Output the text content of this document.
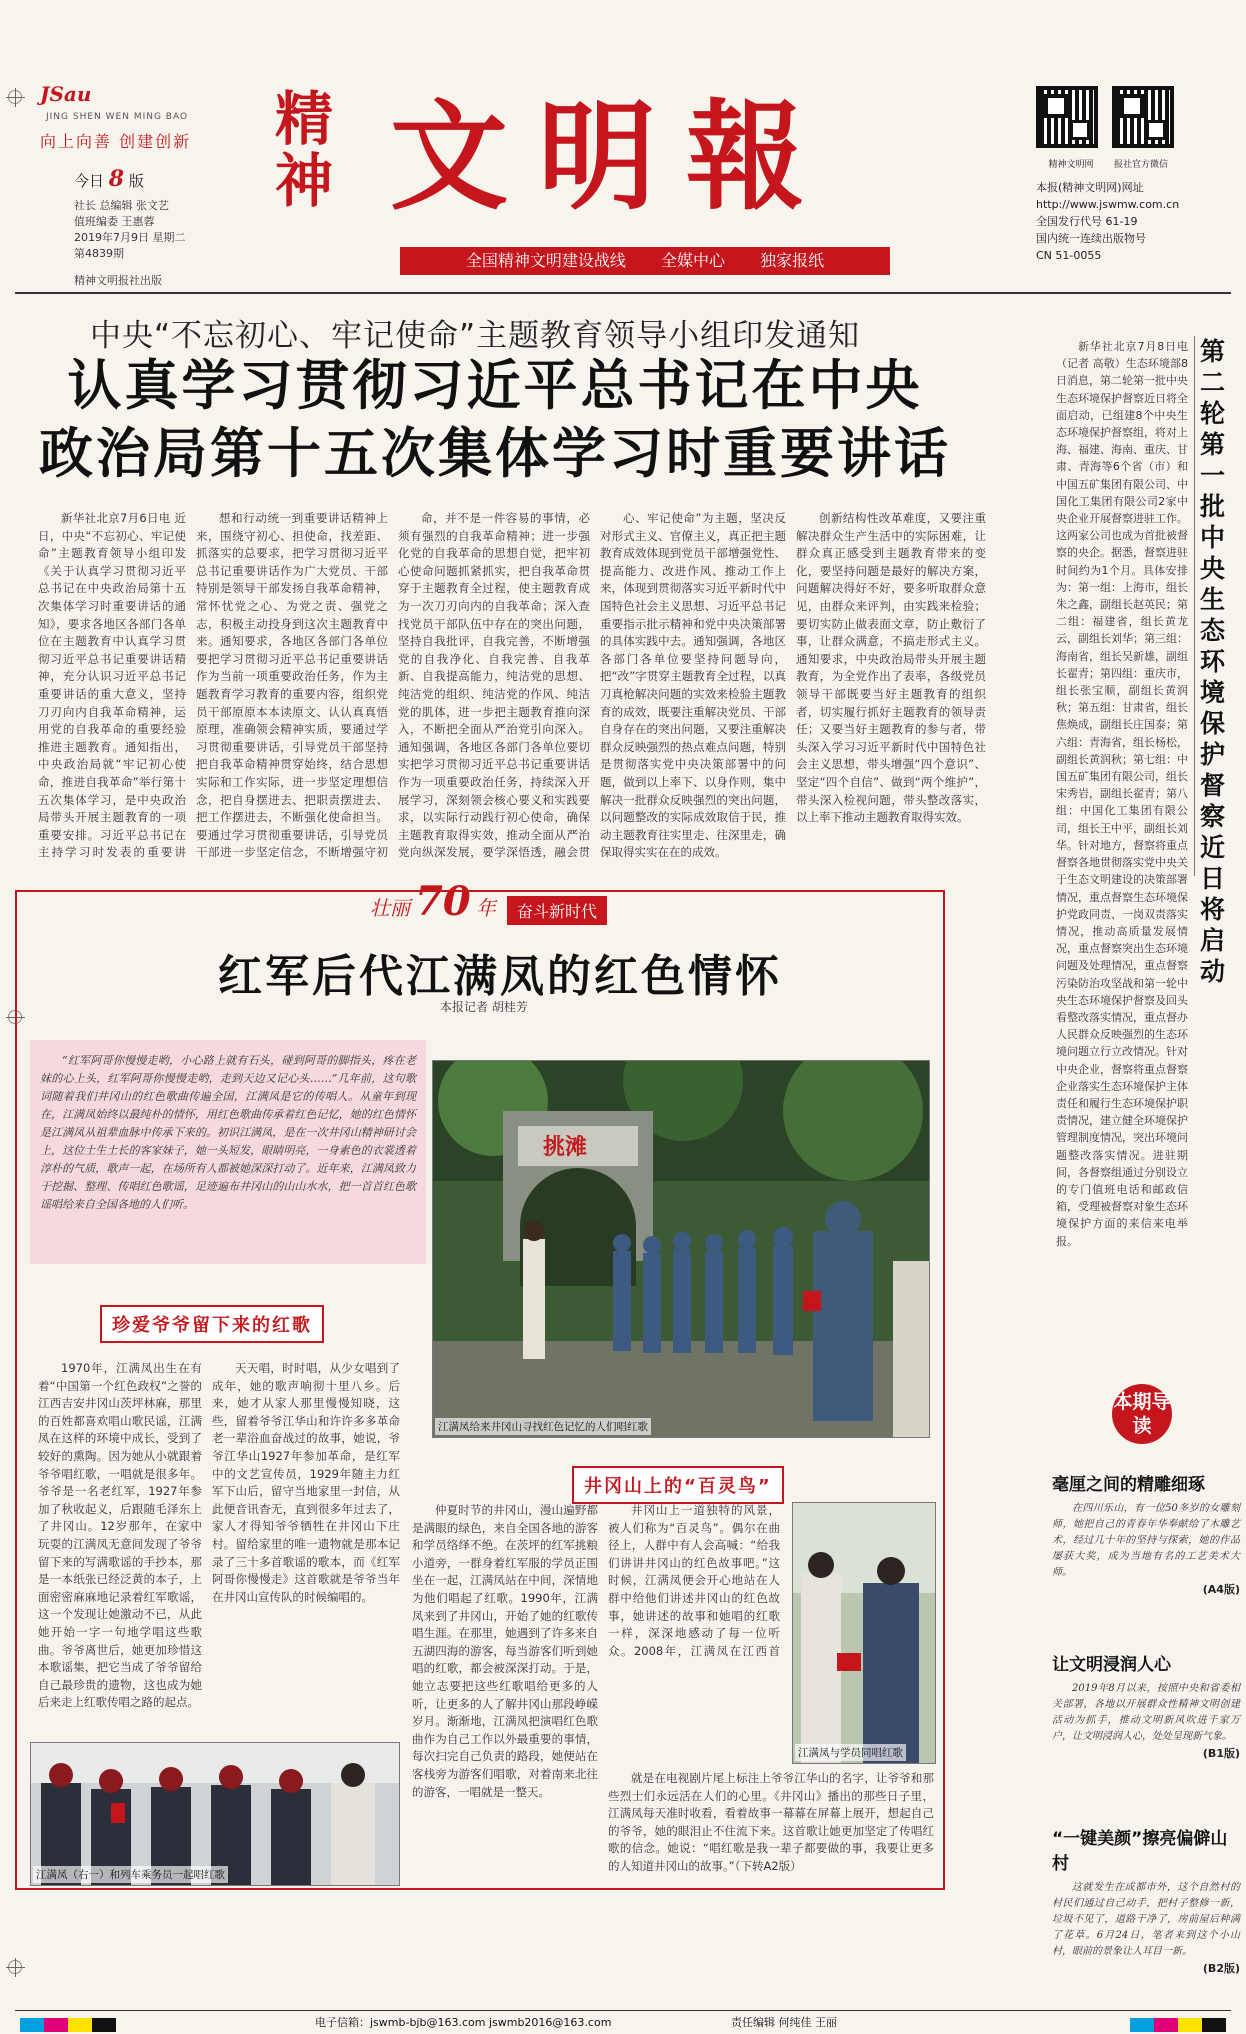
JSau JING SHEN WEN MING BAO
向上向善 创建创新
今日 8 版
社长 总编辑 张文艺
值班编委 王惠蓉
2019年7月9日 星期二
第4839期
精神文明报社出版
精神 文明報
全国精神文明建设战线 全媒中心 独家报纸
精神文明网 报社官方微信
本报(精神文明网)网址
http://www.jswmw.com.cn
全国发行代号 61-19
国内统一连续出版物号
CN 51-0055
中央“不忘初心、牢记使命”主题教育领导小组印发通知
认真学习贯彻习近平总书记在中央
政治局第十五次集体学习时重要讲话

新华社北京7月6日电 近日，中央“不忘初心、牢记使命”主题教育领导小组印发《关于认真学习贯彻习近平总书记在中央政治局第十五次集体学习时重要讲话的通知》，要求各地区各部门各单位在主题教育中认真学习贯彻习近平总书记重要讲话精神，充分认识习近平总书记重要讲话的重大意义，坚持刀刃向内自我革命精神，运用党的自我革命的重要经验推进主题教育。通知指出，中央政治局就“牢记初心使命，推进自我革命”举行第十五次集体学习，是中央政治局带头开展主题教育的一项重要安排。习近平总书记在主持学习时发表的重要讲

想和行动统一到重要讲话精神上来，围绕守初心、担使命，找差距、抓落实的总要求，把学习贯彻习近平总书记重要讲话作为广大党员、干部特别是领导干部发扬自我革命精神，常怀忧党之心、为党之责、强党之志，积极主动投身到这次主题教育中来。通知要求，各地区各部门各单位要把学习贯彻习近平总书记重要讲话作为当前一项重要政治任务，作为主题教育学习教育的重要内容，组织党员干部原原本本读原文、认认真真悟原理，准确领会精神实质，要通过学习贯彻重要讲话，引导党员干部坚持把自我革命精神贯穿始终，结合思想实际和工作实际，进一步坚定理想信念，把自身摆进去、把职责摆进去、把工作摆进去，不断强化使命担当。要通过学习贯彻重要讲话，引导党员干部进一步坚定信念，不断增强守初

命，并不是一件容易的事情，必须有强烈的自我革命精神；进一步强化党的自我革命的思想自觉，把牢初心使命问题抓紧抓实，把自我革命贯穿于主题教育全过程，使主题教育成为一次刀刃向内的自我革命；深入查找党员干部队伍中存在的突出问题，坚持自我批评，自我完善，不断增强党的自我净化、自我完善、自我革新、自我提高能力，纯洁党的思想、纯洁党的组织、纯洁党的作风、纯洁党的肌体，进一步把主题教育推向深入，不断把全面从严治党引向深入。通知强调，各地区各部门各单位要切实把学习贯彻习近平总书记重要讲话作为一项重要政治任务，持续深入开展学习，深刻领会核心要义和实践要求，以实际行动践行初心使命，确保主题教育取得实效，推动全面从严治党向纵深发展，要学深悟透，融会贯

心、牢记使命”为主题，坚决反对形式主义、官僚主义，真正把主题教育成效体现到党员干部增强党性、提高能力、改进作风、推动工作上来，体现到贯彻落实习近平新时代中国特色社会主义思想、习近平总书记重要指示批示精神和党中央决策部署的具体实践中去。通知强调，各地区各部门各单位要坚持问题导向，把“改”字贯穿主题教育全过程，以真刀真枪解决问题的实效来检验主题教育的成效，既要注重解决党员、干部自身存在的突出问题，又要注重解决群众反映强烈的热点难点问题，特别是贯彻落实党中央决策部署中的问题，做到以上率下、以身作则，集中解决一批群众反映强烈的突出问题，以问题整改的实际成效取信于民，推动主题教育往实里走、往深里走，确保取得实实在在的成效。

创新结构性改革难度，又要注重解决群众生产生活中的实际困难，让群众真正感受到主题教育带来的变化，要坚持问题是最好的解决方案，问题解决得好不好，要多听取群众意见，由群众来评判，由实践来检验；要切实防止做表面文章，防止敷衍了事，让群众满意，不搞走形式主义。通知要求，中央政治局带头开展主题教育，为全党作出了表率，各级党员领导干部既要当好主题教育的组织者，切实履行抓好主题教育的领导责任；又要当好主题教育的参与者，带头深入学习习近平新时代中国特色社会主义思想，带头增强“四个意识”、坚定“四个自信”、做到“两个维护”，带头深入检视问题，带头整改落实，以上率下推动主题教育取得实效。

第二轮第一批中央生态环境保护督察近日将启动

新华社北京7月8日电（记者 高敬）生态环境部8日消息，第二轮第一批中央生态环境保护督察近日将全面启动，已组建8个中央生态环境保护督察组，将对上海、福建、海南、重庆、甘肃、青海等6个省（市）和中国五矿集团有限公司、中国化工集团有限公司2家中央企业开展督察进驻工作。这两家公司也成为首批被督察的央企。据悉，督察进驻时间约为1个月。具体安排为：第一组：上海市，组长朱之鑫，副组长赵英民；第二组：福建省，组长黄龙云，副组长刘华；第三组：海南省，组长吴新雄，副组长翟青；第四组：重庆市，组长张宝顺，副组长黄润秋；第五组：甘肃省，组长焦焕成，副组长庄国泰；第六组：青海省，组长杨松，副组长黄润秋；第七组：中国五矿集团有限公司，组长宋秀岩，副组长翟青；第八组：中国化工集团有限公司，组长王中平，副组长刘华。针对地方，督察将重点督察各地贯彻落实党中央关于生态文明建设的决策部署情况，重点督察生态环境保护党政同责、一岗双责落实情况，推动高质量发展情况，重点督察突出生态环境问题及处理情况，重点督察污染防治攻坚战和第一轮中央生态环境保护督察及回头看整改落实情况，重点督办人民群众反映强烈的生态环境问题立行立改情况。针对中央企业，督察将重点督察企业落实生态环境保护主体责任和履行生态环境保护职责情况，建立健全环境保护管理制度情况，突出环境问题整改落实情况。进驻期间，各督察组通过分别设立的专门值班电话和邮政信箱，受理被督察对象生态环境保护方面的来信来电举报。

壮丽 70 年 奋斗新时代
红军后代江满凤的红色情怀
本报记者 胡桂芳

“红军阿哥你慢慢走哟，小心路上就有石头，碰到阿哥的脚指头，疼在老妹的心上头，红军阿哥你慢慢走哟，走到天边又记心头……”几年前，这句歌词随着我们井冈山的红色歌曲传遍全国，江满凤是它的传唱人。从童年到现在，江满凤始终以最纯朴的情怀，用红色歌曲传承着红色记忆，她的红色情怀是江满凤从祖辈血脉中传承下来的。初识江满凤，是在一次井冈山精神研讨会上，这位土生土长的客家妹子，她一头短发，眼睛明亮，一身素色的衣裳透着淳朴的气质，歌声一起，在场所有人都被她深深打动了。近年来，江满凤致力于挖掘、整理、传唱红色歌谣，足迹遍布井冈山的山山水水，把一首首红色歌谣唱给来自全国各地的人们听。

挑滩
江满凤给来井冈山寻找红色记忆的人们唱红歌
珍爱爷爷留下来的红歌
井冈山上的“百灵鸟”

1970年，江满凤出生在有着“中国第一个红色政权”之誉的江西吉安井冈山茨坪林麻，那里的百姓都喜欢唱山歌民谣，江满凤在这样的环境中成长，受到了较好的熏陶。因为她从小就跟着爷爷唱红歌，一唱就是很多年。爷爷是一名老红军，1927年参加了秋收起义，后跟随毛泽东上了井冈山。12岁那年，在家中玩耍的江满凤无意间发现了爷爷留下来的写满歌谣的手抄本，那是一本纸张已经泛黄的本子，上面密密麻麻地记录着红军歌谣，这一个发现让她激动不已，从此她开始一字一句地学唱这些歌曲。爷爷离世后，她更加珍惜这本歌谣集，把它当成了爷爷留给自己最珍贵的遗物，这也成为她后来走上红歌传唱之路的起点。

天天唱，时时唱，从少女唱到了成年，她的歌声响彻十里八乡。后来，她才从家人那里慢慢知晓，这些，留着爷爷江华山和许许多多革命老一辈浴血奋战过的故事，她说，爷爷江华山1927年参加革命，是红军中的文艺宣传员，1929年随主力红军下山后，留守当地家里一封信，从此便音讯杳无，直到很多年过去了，家人才得知爷爷牺牲在井冈山下庄村。留给家里的唯一遗物就是那本记录了三十多首歌谣的歌本，而《红军阿哥你慢慢走》这首歌就是爷爷当年在井冈山宣传队的时候编唱的。

仲夏时节的井冈山，漫山遍野都是满眼的绿色，来自全国各地的游客和学员络绎不绝。在茨坪的红军挑粮小道旁，一群身着红军服的学员正围坐在一起，江满凤站在中间，深情地为他们唱起了红歌。1990年，江满凤来到了井冈山，开始了她的红歌传唱生涯。在那里，她遇到了许多来自五湖四海的游客，每当游客们听到她唱的红歌，都会被深深打动。于是，她立志要把这些红歌唱给更多的人听，让更多的人了解井冈山那段峥嵘岁月。渐渐地，江满凤把演唱红色歌曲作为自己工作以外最重要的事情，每次扫完自己负责的路段，她便站在客栈旁为游客们唱歌，对着南来北往的游客，一唱就是一整天。

井冈山上一道独特的风景，被人们称为“百灵鸟”。偶尔在曲径上，人群中有人会高喊：“给我们讲讲井冈山的红色故事吧。”这时候，江满凤便会开心地站在人群中给他们讲述井冈山的红色故事，她讲述的故事和她唱的红歌一样，深深地感动了每一位听众。2008年，江满凤在江西首

就是在电视剧片尾上标注上爷爷江华山的名字，让爷爷和那些烈士们永远活在人们的心里。《井冈山》播出的那些日子里，江满凤每天准时收看，看着故事一幕幕在屏幕上展开，想起自己的爷爷，她的眼泪止不住流下来。这首歌让她更加坚定了传唱红歌的信念。她说：“唱红歌是我一辈子都要做的事，我要让更多的人知道井冈山的故事。”（下转A2版）

江满凤与学员同唱红歌
江满凤（右一）和列车乘务员一起唱红歌
本期导读
毫厘之间的精雕细琢

在四川乐山，有一位50多岁的女雕刻师，她把自己的青春年华奉献给了木雕艺术，经过几十年的坚持与探索，她的作品屡获大奖，成为当地有名的工艺美术大师。

(A4版)
让文明浸润人心

2019年8月以来，按照中央和省委相关部署，各地以开展群众性精神文明创建活动为抓手，推动文明新风吹进千家万户，让文明浸润人心，处处呈现新气象。

(B1版)
“一键美颜”擦亮偏僻山村

这就发生在成都市外，这个自然村的村民们通过自己动手，把村子整修一新，垃圾不见了，道路干净了，房前屋后种满了花草。6月24日，笔者来到这个小山村，眼前的景象让人耳目一新。

(B2版)
电子信箱：jswmb-bjb@163.com jswmb2016@163.com	责任编辑 何纯佳 王丽
